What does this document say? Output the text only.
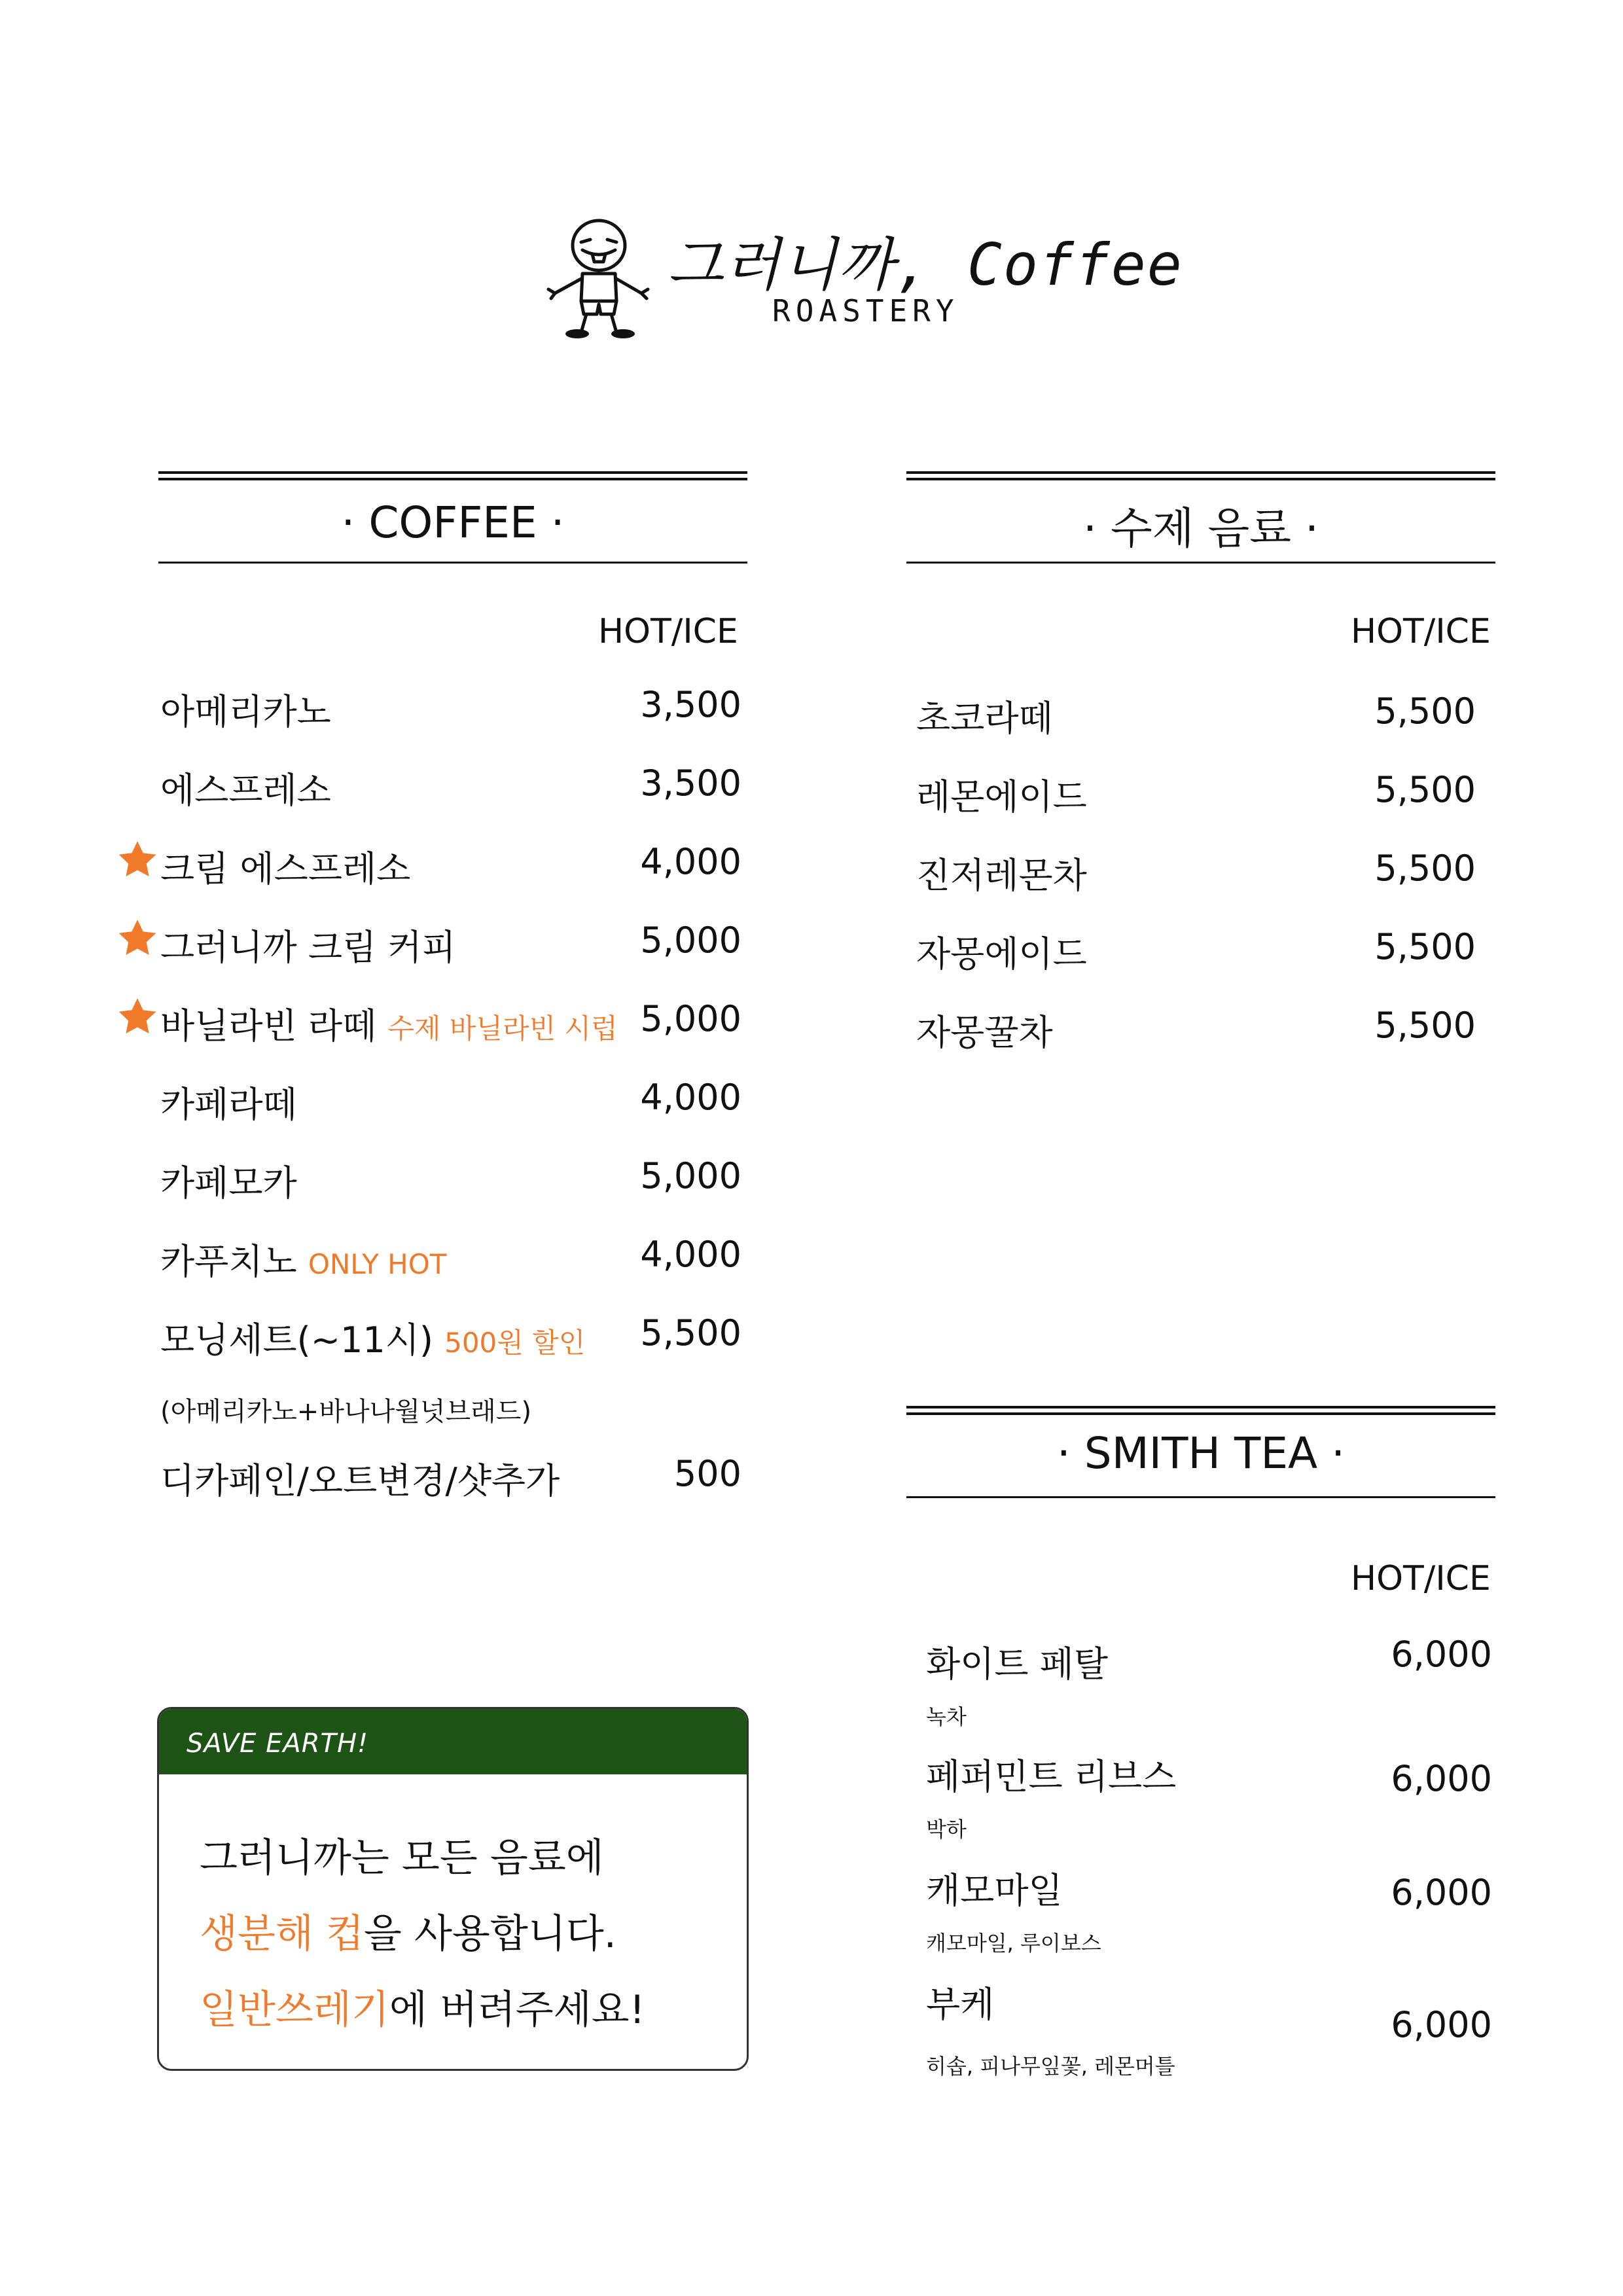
그러니까, Coffee
ROASTERY
· COFFEE ·
HOT/ICE
아메리카노	3,500
에스프레소	3,500
크림 에스프레소	4,000
그러니까 크림 커피	5,000
바닐라빈 라떼 수제 바닐라빈 시럽 5,000
카페라떼	4,000
카페모카	5,000
카푸치노 ONLY HOT	4,000
모닝세트(~11시) 500원 할인 5,500
(아메리카노+바나나월넛브래드)
디카페인/오트변경/샷추가	500
· 수제 음료 ·
HOT/ICE
초코라떼	5,500
레몬에이드	5,500
진저레몬차	5,500
자몽에이드	5,500
자몽꿀차	5,500
· SMITH TEA ·
HOT/ICE
화이트 페탈	6,000
녹차
페퍼민트 리브스	6,000
박하
캐모마일	6,000
캐모마일, 루이보스
부케	6,000
히솝, 피나무잎꽃, 레몬머틀
SAVE EARTH!
그러니까는 모든 음료에
생분해 컵을 사용합니다.
일반쓰레기에 버려주세요!
